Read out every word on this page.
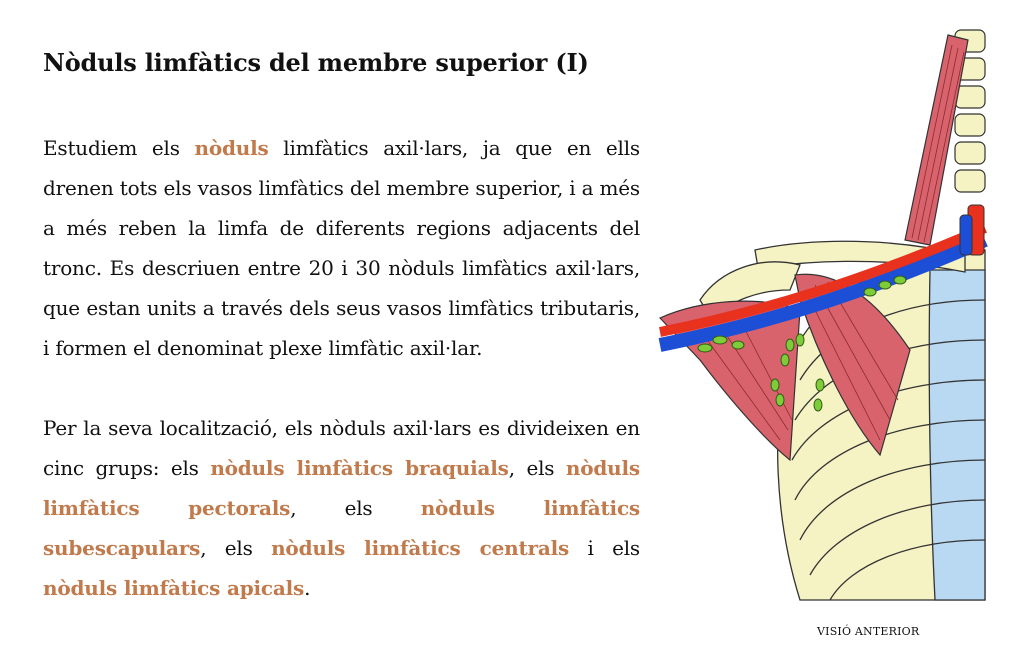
Nòduls limfàtics del membre superior (I)

Estudiem els nòduls limfàtics axil·lars, ja que en ells drenen tots els vasos limfàtics del membre superior, i a més a més reben la limfa de diferents regions adjacents del tronc. Es descriuen entre 20 i 30 nòduls limfàtics axil·lars, que estan units a través dels seus vasos limfàtics tributaris, i formen el denominat plexe limfàtic axil·lar.

Per la seva localització, els nòduls axil·lars es divideixen en cinc grups: els nòduls limfàtics braquials, els nòduls limfàtics pectorals, els nòduls limfàtics subescapulars, els nòduls limfàtics centrals i els nòduls limfàtics apicals.

VISIÓ ANTERIOR
